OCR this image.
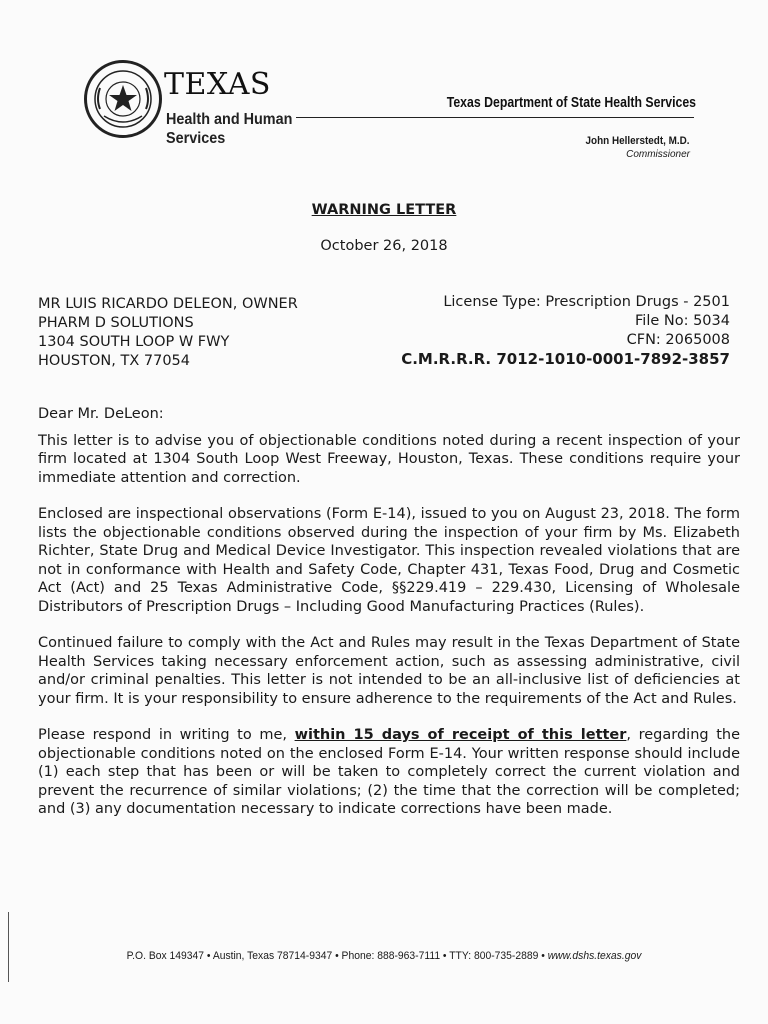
TEXAS
Health and Human
Services
Texas Department of State Health Services
John Hellerstedt, M.D.
Commissioner
WARNING LETTER
October 26, 2018
MR LUIS RICARDO DELEON, OWNER
PHARM D SOLUTIONS
1304 SOUTH LOOP W FWY
HOUSTON, TX 77054
License Type: Prescription Drugs - 2501
File No: 5034
CFN: 2065008
C.M.R.R.R. 7012-1010-0001-7892-3857

Dear Mr. DeLeon:

This letter is to advise you of objectionable conditions noted during a recent inspection of your firm located at 1304 South Loop West Freeway, Houston, Texas. These conditions require your immediate attention and correction.

Enclosed are inspectional observations (Form E-14), issued to you on August 23, 2018. The form lists the objectionable conditions observed during the inspection of your firm by Ms. Elizabeth Richter, State Drug and Medical Device Investigator. This inspection revealed violations that are not in conformance with Health and Safety Code, Chapter 431, Texas Food, Drug and Cosmetic Act (Act) and 25 Texas Administrative Code, §§229.419 – 229.430, Licensing of Wholesale Distributors of Prescription Drugs – Including Good Manufacturing Practices (Rules).

Continued failure to comply with the Act and Rules may result in the Texas Department of State Health Services taking necessary enforcement action, such as assessing administrative, civil and/or criminal penalties. This letter is not intended to be an all-inclusive list of deficiencies at your firm. It is your responsibility to ensure adherence to the requirements of the Act and Rules.

Please respond in writing to me, within 15 days of receipt of this letter, regarding the objectionable conditions noted on the enclosed Form E-14. Your written response should include (1) each step that has been or will be taken to completely correct the current violation and prevent the recurrence of similar violations; (2) the time that the correction will be completed; and (3) any documentation necessary to indicate corrections have been made.

P.O. Box 149347 • Austin, Texas 78714-9347 • Phone: 888-963-7111 • TTY: 800-735-2889 • www.dshs.texas.gov
